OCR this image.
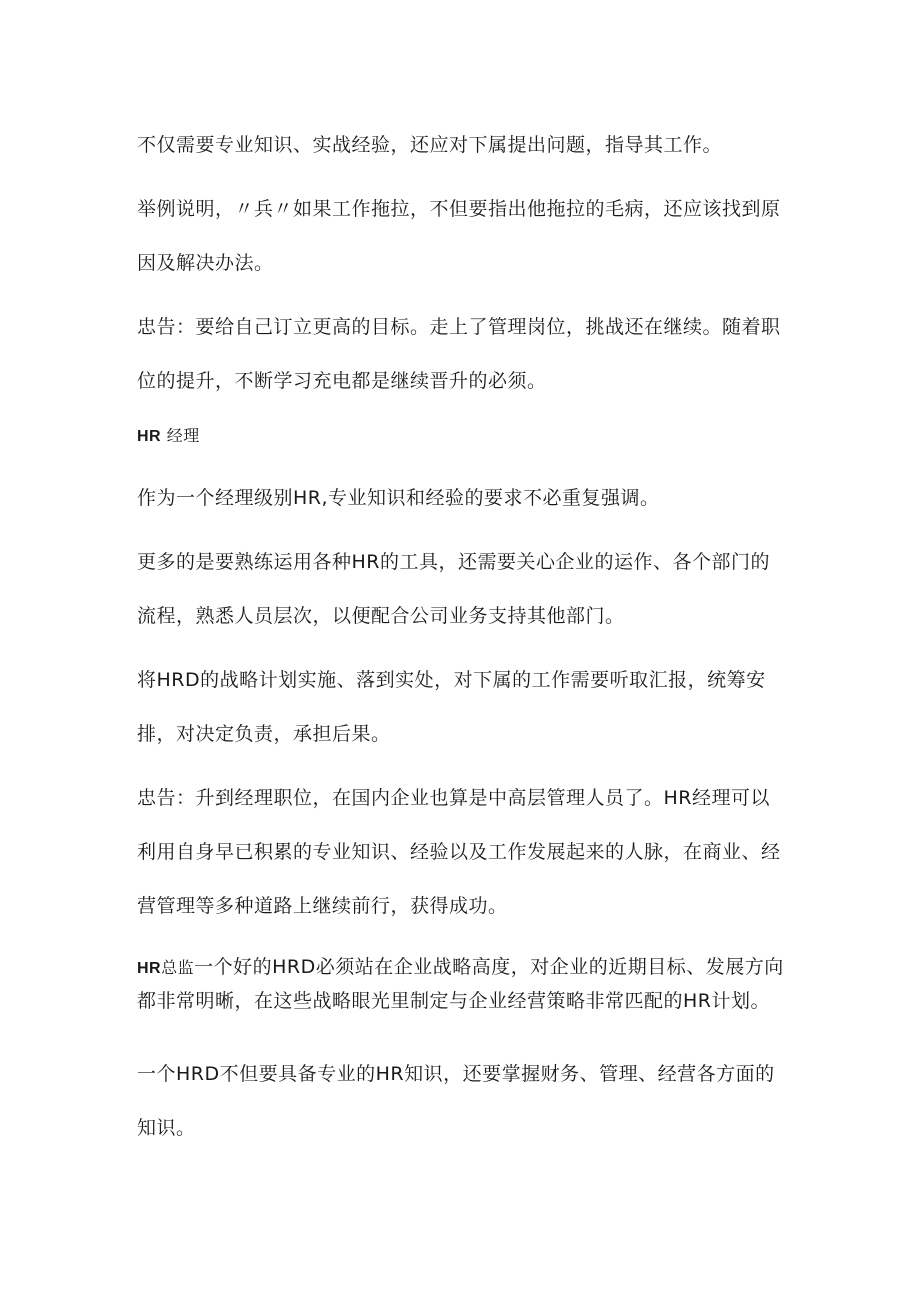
不仅需要专业知识、实战经验，还应对下属提出问题，指导其工作。

举例说明，〃兵〃如果工作拖拉，不但要指出他拖拉的毛病，还应该找到原因及解决办法。

忠告：要给自己订立更高的目标。走上了管理岗位，挑战还在继续。随着职位的提升，不断学习充电都是继续晋升的必须。

HR 经理

作为一个经理级别HR,专业知识和经验的要求不必重复强调。

更多的是要熟练运用各种HR的工具，还需要关心企业的运作、各个部门的流程，熟悉人员层次，以便配合公司业务支持其他部门。

将HRD的战略计划实施、落到实处，对下属的工作需要听取汇报，统筹安排，对决定负责，承担后果。

忠告：升到经理职位，在国内企业也算是中高层管理人员了。HR经理可以利用自身早已积累的专业知识、经验以及工作发展起来的人脉，在商业、经营管理等多种道路上继续前行，获得成功。

HR总监一个好的HRD必须站在企业战略高度，对企业的近期目标、发展方向都非常明晰，在这些战略眼光里制定与企业经营策略非常匹配的HR计划。

一个HRD不但要具备专业的HR知识，还要掌握财务、管理、经营各方面的知识。
